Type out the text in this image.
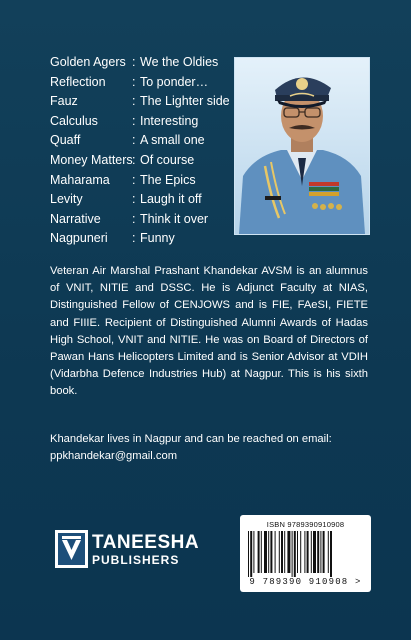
Golden Agers : We the Oldies
Reflection	: To ponder…
Fauz	: The Lighter side
Calculus	: Interesting
Quaff	: A small one
Money Matters : Of course
Maharama	: The Epics
Levity	: Laugh it off
Narrative	: Think it over
Nagpuneri	: Funny
Veteran Air Marshal Prashant Khandekar AVSM is an alumnus of VNIT, NITIE and DSSC. He is Adjunct Faculty at NIAS, Distinguished Fellow of CENJOWS and is FIE, FAeSI, FIETE and FIIIE. Recipient of Distinguished Alumni Awards of Hadas High School, VNIT and NITIE. He was on Board of Directors of Pawan Hans Helicopters Limited and is Senior Advisor at VDIH (Vidarbha Defence Industries Hub) at Nagpur. This is his sixth book.

Khandekar lives in Nagpur and can be reached on email:

ppkhandekar@gmail.com
TANEESHA
PUBLISHERS
ISBN 9789390910908
9 789390 910908 >
